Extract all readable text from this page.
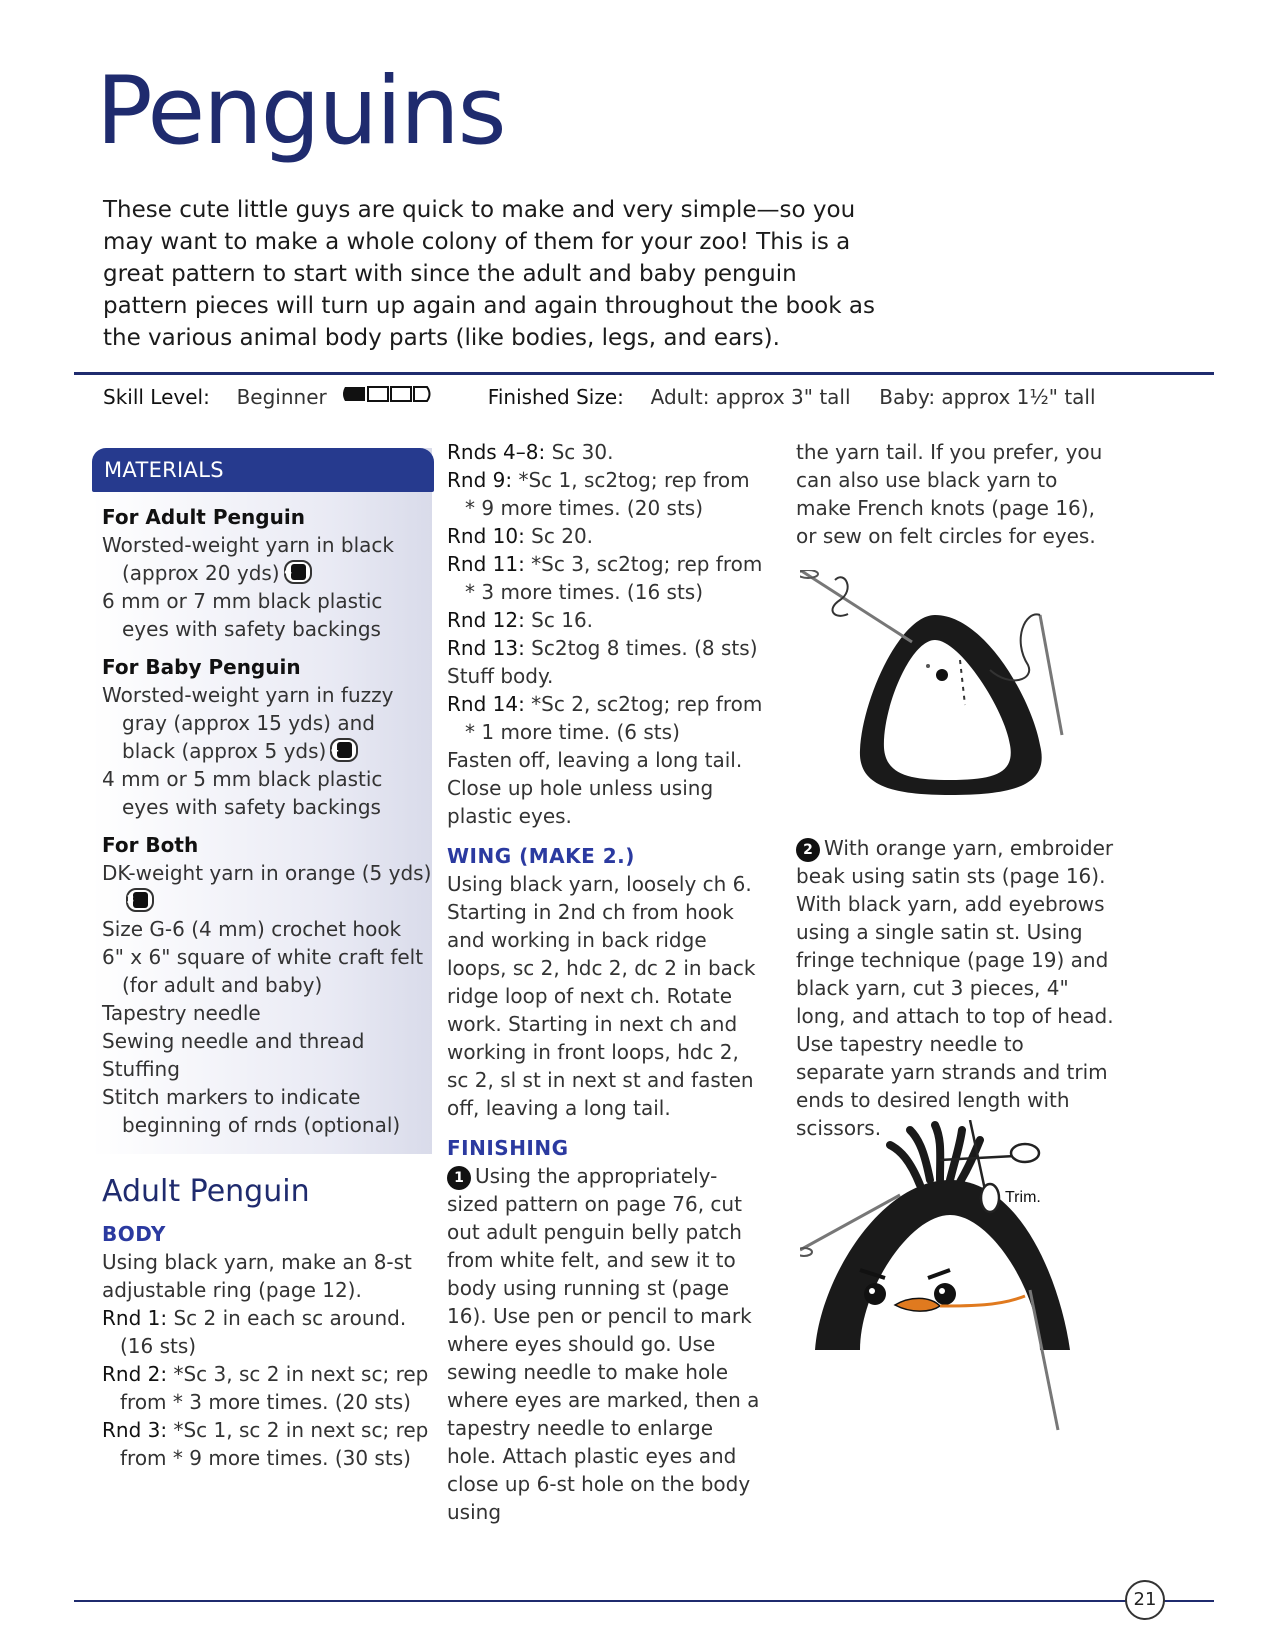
Penguins
These cute little guys are quick to make and very simple—so you may want to make a whole colony of them for your zoo! This is a great pattern to start with since the adult and baby penguin pattern pieces will turn up again and again throughout the book as the various animal body parts (like bodies, legs, and ears).
Skill Level: Beginner	Finished Size: Adult: approx 3" tall Baby: approx 1½" tall
MATERIALS
For Adult Penguin
Worsted-weight yarn in black (approx 20 yds) 4
6 mm or 7 mm black plastic eyes with safety backings
For Baby Penguin
Worsted-weight yarn in fuzzy gray (approx 15 yds) and black (approx 5 yds) 4
4 mm or 5 mm black plastic eyes with safety backings
For Both
DK-weight yarn in orange (5 yds)
3
Size G-6 (4 mm) crochet hook
6" x 6" square of white craft felt (for adult and baby)
Tapestry needle
Sewing needle and thread
Stuffing
Stitch markers to indicate beginning of rnds (optional)
Adult Penguin
BODY
Using black yarn, make an 8-st adjustable ring (page 12).
Rnd 1: Sc 2 in each sc around. (16 sts)
Rnd 2: *Sc 3, sc 2 in next sc; rep from * 3 more times. (20 sts)
Rnd 3: *Sc 1, sc 2 in next sc; rep from * 9 more times. (30 sts)
Rnds 4–8: Sc 30.
Rnd 9: *Sc 1, sc2tog; rep from * 9 more times. (20 sts)
Rnd 10: Sc 20.
Rnd 11: *Sc 3, sc2tog; rep from * 3 more times. (16 sts)
Rnd 12: Sc 16.
Rnd 13: Sc2tog 8 times. (8 sts)
Stuff body.
Rnd 14: *Sc 2, sc2tog; rep from * 1 more time. (6 sts)
Fasten off, leaving a long tail. Close up hole unless using plastic eyes.
WING (MAKE 2.)
Using black yarn, loosely ch 6. Starting in 2nd ch from hook and working in back ridge loops, sc 2, hdc 2, dc 2 in back ridge loop of next ch. Rotate work. Starting in next ch and working in front loops, hdc 2, sc 2, sl st in next st and fasten off, leaving a long tail.
FINISHING
1 Using the appropriately-sized pattern on page 76, cut out adult penguin belly patch from white felt, and sew it to body using running st (page 16). Use pen or pencil to mark where eyes should go. Use sewing needle to make hole where eyes are marked, then a tapestry needle to enlarge hole. Attach plastic eyes and close up 6-st hole on the body using
the yarn tail. If you prefer, you can also use black yarn to make French knots (page 16), or sew on felt circles for eyes.
2 With orange yarn, embroider beak using satin sts (page 16). With black yarn, add eyebrows using a single satin st. Using fringe technique (page 19) and black yarn, cut 3 pieces, 4" long, and attach to top of head. Use tapestry needle to separate yarn strands and trim ends to desired length with scissors.
Trim.
21
